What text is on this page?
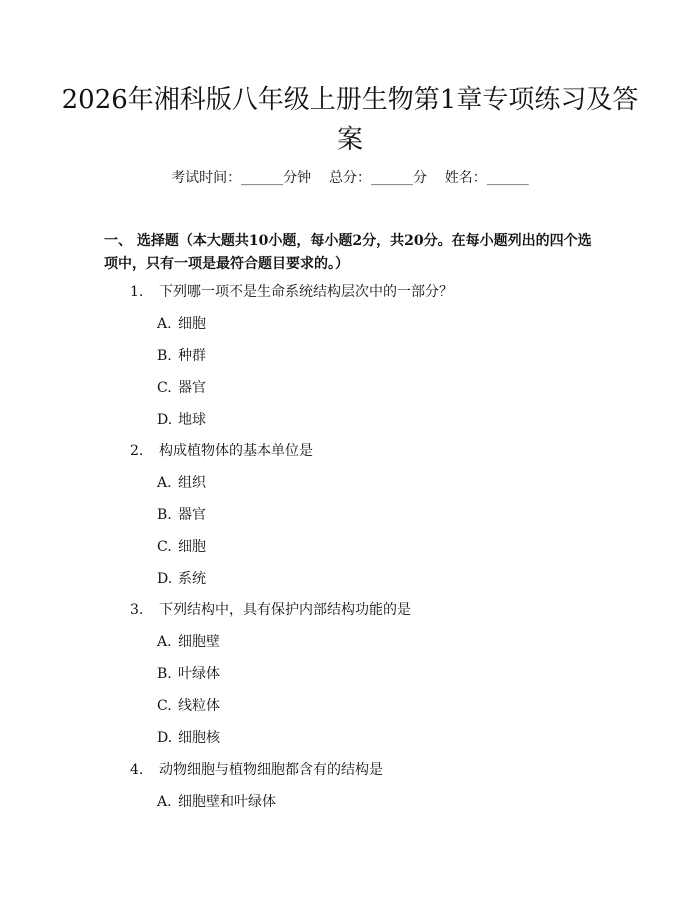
2026年湘科版八年级上册生物第1章专项练习及答案
考试时间：______分钟    总分：______分    姓名：______
一、 选择题（本大题共10小题，每小题2分，共20分。在每小题列出的四个选项中，只有一项是最符合题目要求的。）
1. 下列哪一项不是生命系统结构层次中的一部分？
A. 细胞
B. 种群
C. 器官
D. 地球
2. 构成植物体的基本单位是
A. 组织
B. 器官
C. 细胞
D. 系统
3. 下列结构中，具有保护内部结构功能的是
A. 细胞壁
B. 叶绿体
C. 线粒体
D. 细胞核
4. 动物细胞与植物细胞都含有的结构是
A. 细胞壁和叶绿体
